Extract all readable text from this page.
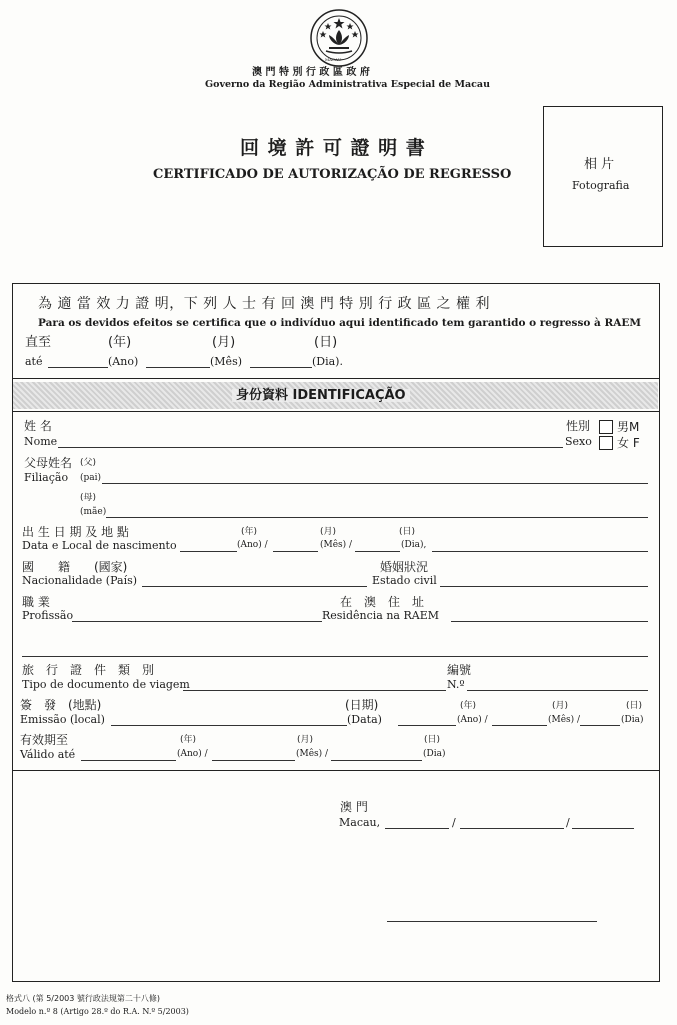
MACAU
澳 門 特 別 行 政 區 政 府
Governo da Região Administrativa Especial de Macau
回 境 許 可 證 明 書
CERTIFICADO DE AUTORIZAÇÃO DE REGRESSO
相 片
Fotografia
為 適 當 效 力 證 明，下 列 人 士 有 回 澳 門 特 別 行 政 區 之 權 利
Para os devidos efeitos se certifica que o indivíduo aqui identificado tem garantido o regresso à RAEM
直至	(年)	(月)	(日)
até	(Ano)	(Mês)	(Dia).
身份資料 IDENTIFICAÇÃO
姓 名
Nome
性別
Sexo
男M
女 F
父母姓名 (父)
Filiação (pai)
(母)
(mãe)
出 生 日 期 及 地 點	(年)	(月)	(日)
Data e Local de nascimento	(Ano) /	(Mês) /	(Dia),
國　　籍　　(國家)
Nacionalidade (País)
婚姻狀況
Estado civil
職 業
Profissão
在　澳　住　址
Residência na RAEM
旅　行　證　件　類　別
Tipo de documento de viagem
編號
N.º
簽　發　(地點)
Emissão (local)
(日期)
(Data)
(年)	(月)	(日)
(Ano) /	(Mês) /	(Dia)
有效期至	(年)	(月)	(日)
Válido até	(Ano) /	(Mês) /	(Dia)
澳 門
Macau,	/	/
格式八 (第 5/2003 號行政法規第二十八條)
Modelo n.º 8 (Artigo 28.º do R.A. N.º 5/2003)
